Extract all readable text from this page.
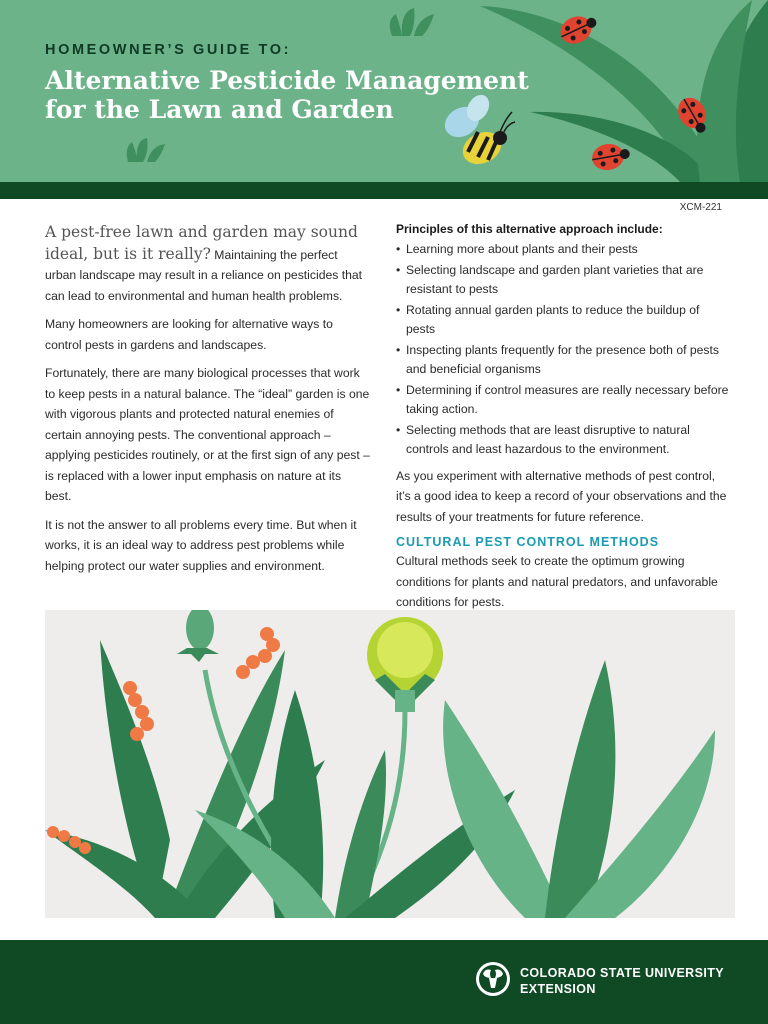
HOMEOWNER’S GUIDE TO:
Alternative Pesticide Management for the Lawn and Garden
XCM-221

A pest-free lawn and garden may sound ideal, but is it really? Maintaining the perfect urban landscape may result in a reliance on pesticides that can lead to environmental and human health problems.

Many homeowners are looking for alternative ways to control pests in gardens and landscapes.

Fortunately, there are many biological processes that work to keep pests in a natural balance. The “ideal” garden is one with vigorous plants and protected natural enemies of certain annoying pests. The conventional approach – applying pesticides routinely, or at the first sign of any pest – is replaced with a lower input emphasis on nature at its best.

It is not the answer to all problems every time. But when it works, it is an ideal way to address pest problems while helping protect our water supplies and environment.

Principles of this alternative approach include:

• Learning more about plants and their pests
• Selecting landscape and garden plant varieties that are resistant to pests
• Rotating annual garden plants to reduce the buildup of pests
• Inspecting plants frequently for the presence both of pests and beneficial organisms
• Determining if control measures are really necessary before taking action.
• Selecting methods that are least disruptive to natural controls and least hazardous to the environment.

As you experiment with alternative methods of pest control, it’s a good idea to keep a record of your observations and the results of your treatments for future reference.

CULTURAL PEST CONTROL METHODS

Cultural methods seek to create the optimum growing conditions for plants and natural predators, and unfavorable conditions for pests.

COLORADO STATE UNIVERSITY
EXTENSION
